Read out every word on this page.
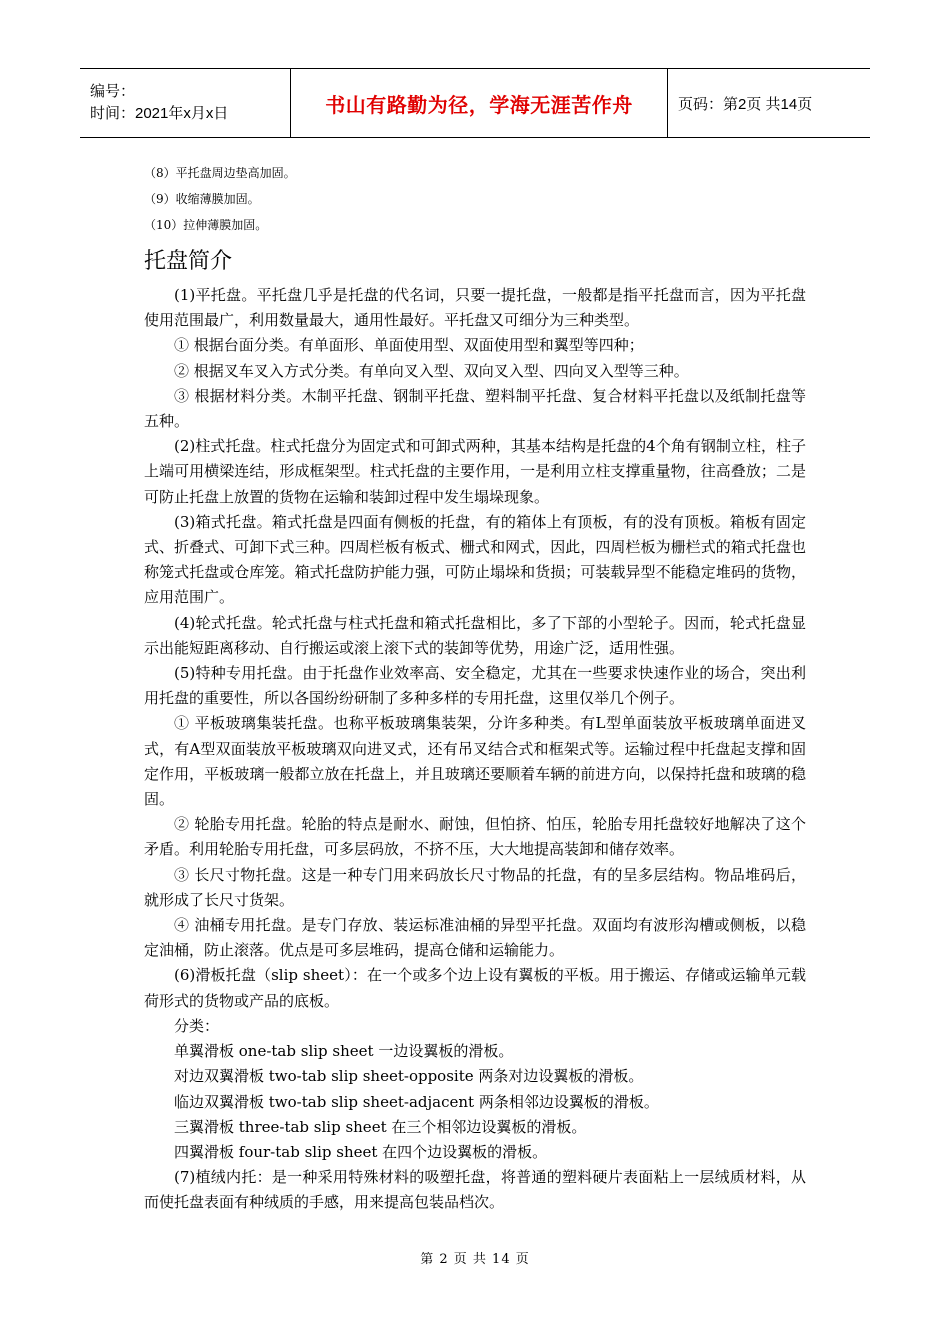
编号：
时间：2021年x月x日	书山有路勤为径，学海无涯苦作舟	页码：第2页 共14页
（8）平托盘周边垫高加固。
（9）收缩薄膜加固。
（10）拉伸薄膜加固。
托盘简介

(1)平托盘。平托盘几乎是托盘的代名词，只要一提托盘，一般都是指平托盘而言，因为平托盘使用范围最广，利用数量最大，通用性最好。平托盘又可细分为三种类型。

① 根据台面分类。有单面形、单面使用型、双面使用型和翼型等四种；

② 根据叉车叉入方式分类。有单向叉入型、双向叉入型、四向叉入型等三种。

③ 根据材料分类。木制平托盘、钢制平托盘、塑料制平托盘、复合材料平托盘以及纸制托盘等五种。

(2)柱式托盘。柱式托盘分为固定式和可卸式两种，其基本结构是托盘的4个角有钢制立柱，柱子上端可用横梁连结，形成框架型。柱式托盘的主要作用，一是利用立柱支撑重量物，往高叠放；二是可防止托盘上放置的货物在运输和装卸过程中发生塌垛现象。

(3)箱式托盘。箱式托盘是四面有侧板的托盘，有的箱体上有顶板，有的没有顶板。箱板有固定式、折叠式、可卸下式三种。四周栏板有板式、栅式和网式，因此，四周栏板为栅栏式的箱式托盘也称笼式托盘或仓库笼。箱式托盘防护能力强，可防止塌垛和货损；可装载异型不能稳定堆码的货物，应用范围广。

(4)轮式托盘。轮式托盘与柱式托盘和箱式托盘相比，多了下部的小型轮子。因而，轮式托盘显示出能短距离移动、自行搬运或滚上滚下式的装卸等优势，用途广泛，适用性强。

(5)特种专用托盘。由于托盘作业效率高、安全稳定，尤其在一些要求快速作业的场合，突出利用托盘的重要性，所以各国纷纷研制了多种多样的专用托盘，这里仅举几个例子。

① 平板玻璃集装托盘。也称平板玻璃集装架，分许多种类。有L型单面装放平板玻璃单面进叉式，有A型双面装放平板玻璃双向进叉式，还有吊叉结合式和框架式等。运输过程中托盘起支撑和固定作用，平板玻璃一般都立放在托盘上，并且玻璃还要顺着车辆的前进方向，以保持托盘和玻璃的稳固。

② 轮胎专用托盘。轮胎的特点是耐水、耐蚀，但怕挤、怕压，轮胎专用托盘较好地解决了这个矛盾。利用轮胎专用托盘，可多层码放，不挤不压，大大地提高装卸和储存效率。

③ 长尺寸物托盘。这是一种专门用来码放长尺寸物品的托盘，有的呈多层结构。物品堆码后，就形成了长尺寸货架。

④ 油桶专用托盘。是专门存放、装运标准油桶的异型平托盘。双面均有波形沟槽或侧板，以稳定油桶，防止滚落。优点是可多层堆码，提高仓储和运输能力。

(6)滑板托盘（slip sheet）：在一个或多个边上设有翼板的平板。用于搬运、存储或运输单元载荷形式的货物或产品的底板。

分类：

单翼滑板 one-tab slip sheet 一边设翼板的滑板。

对边双翼滑板 two-tab slip sheet-opposite 两条对边设翼板的滑板。

临边双翼滑板 two-tab slip sheet-adjacent 两条相邻边设翼板的滑板。

三翼滑板 three-tab slip sheet 在三个相邻边设翼板的滑板。

四翼滑板 four-tab slip sheet 在四个边设翼板的滑板。

(7)植绒内托：是一种采用特殊材料的吸塑托盘，将普通的塑料硬片表面粘上一层绒质材料，从而使托盘表面有种绒质的手感，用来提高包装品档次。

第 2 页 共 14 页
